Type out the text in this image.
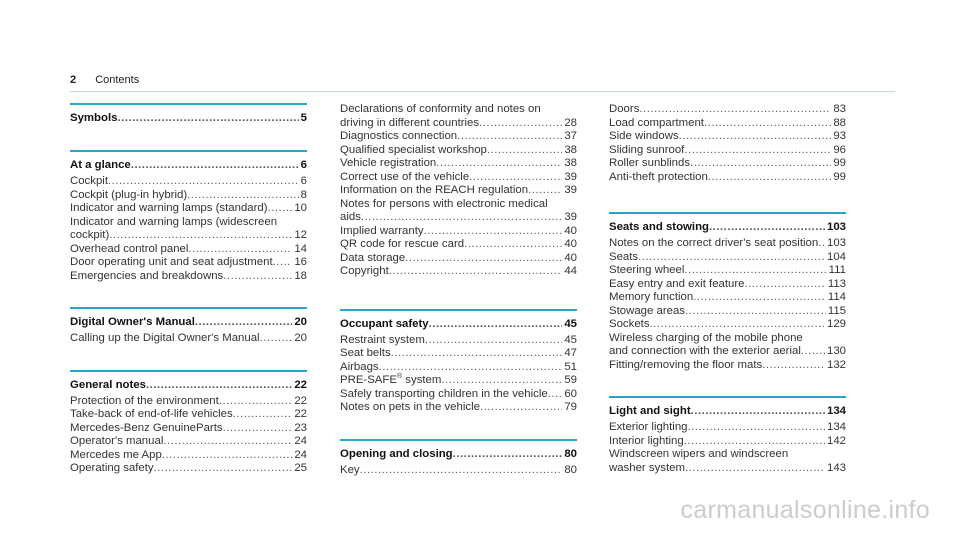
2 Contents
Symbols .....	5
At a glance .....	6
Cockpit .....	6
Cockpit (plug-in hybrid) .....	8
Indicator and warning lamps (standard) ..... 10
Indicator and warning lamps (widescreen
cockpit) .....	12
Overhead control panel .....	14
Door operating unit and seat adjustment ..... 16
Emergencies and breakdowns .....	18
Digital Owner's Manual .....	20
Calling up the Digital Owner's Manual .....	20
General notes .....	22
Protection of the environment .....	22
Take-back of end-of-life vehicles .....	22
Mercedes-Benz GenuineParts .....	23
Operator's manual .....	24
Mercedes me App .....	24
Operating safety .....	25
Declarations of conformity and notes on
driving in different countries .....	28
Diagnostics connection .....	37
Qualified specialist workshop .....	38
Vehicle registration .....	38
Correct use of the vehicle .....	39
Information on the REACH regulation .....	39
Notes for persons with electronic medical
aids .....	39
Implied warranty .....	40
QR code for rescue card .....	40
Data storage .....	40
Copyright .....	44
Occupant safety .....	45
Restraint system .....	45
Seat belts .....	47
Airbags .....	51
PRE-SAFE® system .....	59
Safely transporting children in the vehicle ..... 60
Notes on pets in the vehicle .....	79
Opening and closing .....	80
Key .....	80
Doors .....	83
Load compartment .....	88
Side windows .....	93
Sliding sunroof .....	96
Roller sunblinds .....	99
Anti-theft protection .....	99
Seats and stowing .....	103
Notes on the correct driver's seat position ..... 103
Seats .....	104
Steering wheel .....	111
Easy entry and exit feature .....	113
Memory function .....	114
Stowage areas .....	115
Sockets .....	129
Wireless charging of the mobile phone
and connection with the exterior aerial ..... 130
Fitting/removing the floor mats .....	132
Light and sight .....	134
Exterior lighting .....	134
Interior lighting .....	142
Windscreen wipers and windscreen
washer system .....	143
carmanualsonline.info
